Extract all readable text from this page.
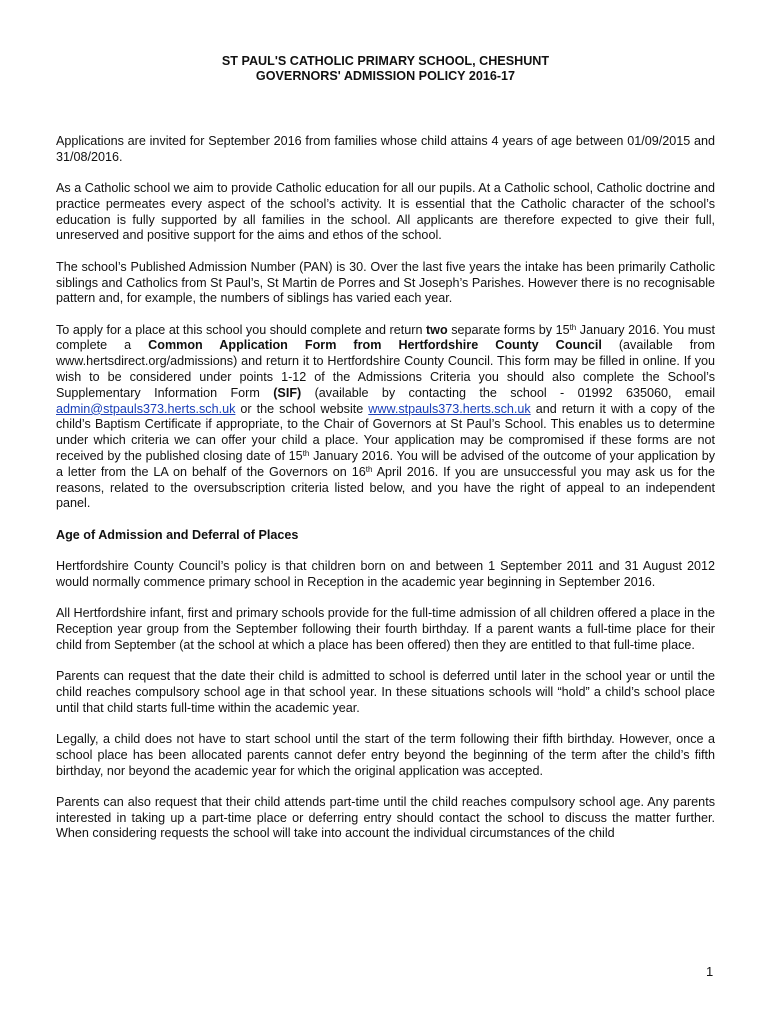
ST PAUL'S CATHOLIC PRIMARY SCHOOL, CHESHUNT
GOVERNORS' ADMISSION POLICY 2016-17

Applications are invited for September 2016 from families whose child attains 4 years of age between 01/09/2015 and 31/08/2016.

As a Catholic school we aim to provide Catholic education for all our pupils. At a Catholic school, Catholic doctrine and practice permeates every aspect of the school’s activity. It is essential that the Catholic character of the school’s education is fully supported by all families in the school. All applicants are therefore expected to give their full, unreserved and positive support for the aims and ethos of the school.

The school’s Published Admission Number (PAN) is 30. Over the last five years the intake has been primarily Catholic siblings and Catholics from St Paul’s, St Martin de Porres and St Joseph’s Parishes. However there is no recognisable pattern and, for example, the numbers of siblings has varied each year.

To apply for a place at this school you should complete and return two separate forms by 15th January 2016. You must complete a Common Application Form from Hertfordshire County Council (available from www.hertsdirect.org/admissions) and return it to Hertfordshire County Council. This form may be filled in online. If you wish to be considered under points 1-12 of the Admissions Criteria you should also complete the School’s Supplementary Information Form (SIF) (available by contacting the school - 01992 635060, email admin@stpauls373.herts.sch.uk or the school website www.stpauls373.herts.sch.uk and return it with a copy of the child’s Baptism Certificate if appropriate, to the Chair of Governors at St Paul’s School. This enables us to determine under which criteria we can offer your child a place. Your application may be compromised if these forms are not received by the published closing date of 15th January 2016. You will be advised of the outcome of your application by a letter from the LA on behalf of the Governors on 16th April 2016. If you are unsuccessful you may ask us for the reasons, related to the oversubscription criteria listed below, and you have the right of appeal to an independent panel.

Age of Admission and Deferral of Places

Hertfordshire County Council’s policy is that children born on and between 1 September 2011 and 31 August 2012 would normally commence primary school in Reception in the academic year beginning in September 2016.

All Hertfordshire infant, first and primary schools provide for the full-time admission of all children offered a place in the Reception year group from the September following their fourth birthday. If a parent wants a full-time place for their child from September (at the school at which a place has been offered) then they are entitled to that full-time place.

Parents can request that the date their child is admitted to school is deferred until later in the school year or until the child reaches compulsory school age in that school year. In these situations schools will “hold” a child’s school place until that child starts full-time within the academic year.

Legally, a child does not have to start school until the start of the term following their fifth birthday. However, once a school place has been allocated parents cannot defer entry beyond the beginning of the term after the child’s fifth birthday, nor beyond the academic year for which the original application was accepted.

Parents can also request that their child attends part-time until the child reaches compulsory school age. Any parents interested in taking up a part-time place or deferring entry should contact the school to discuss the matter further. When considering requests the school will take into account the individual circumstances of the child

1
